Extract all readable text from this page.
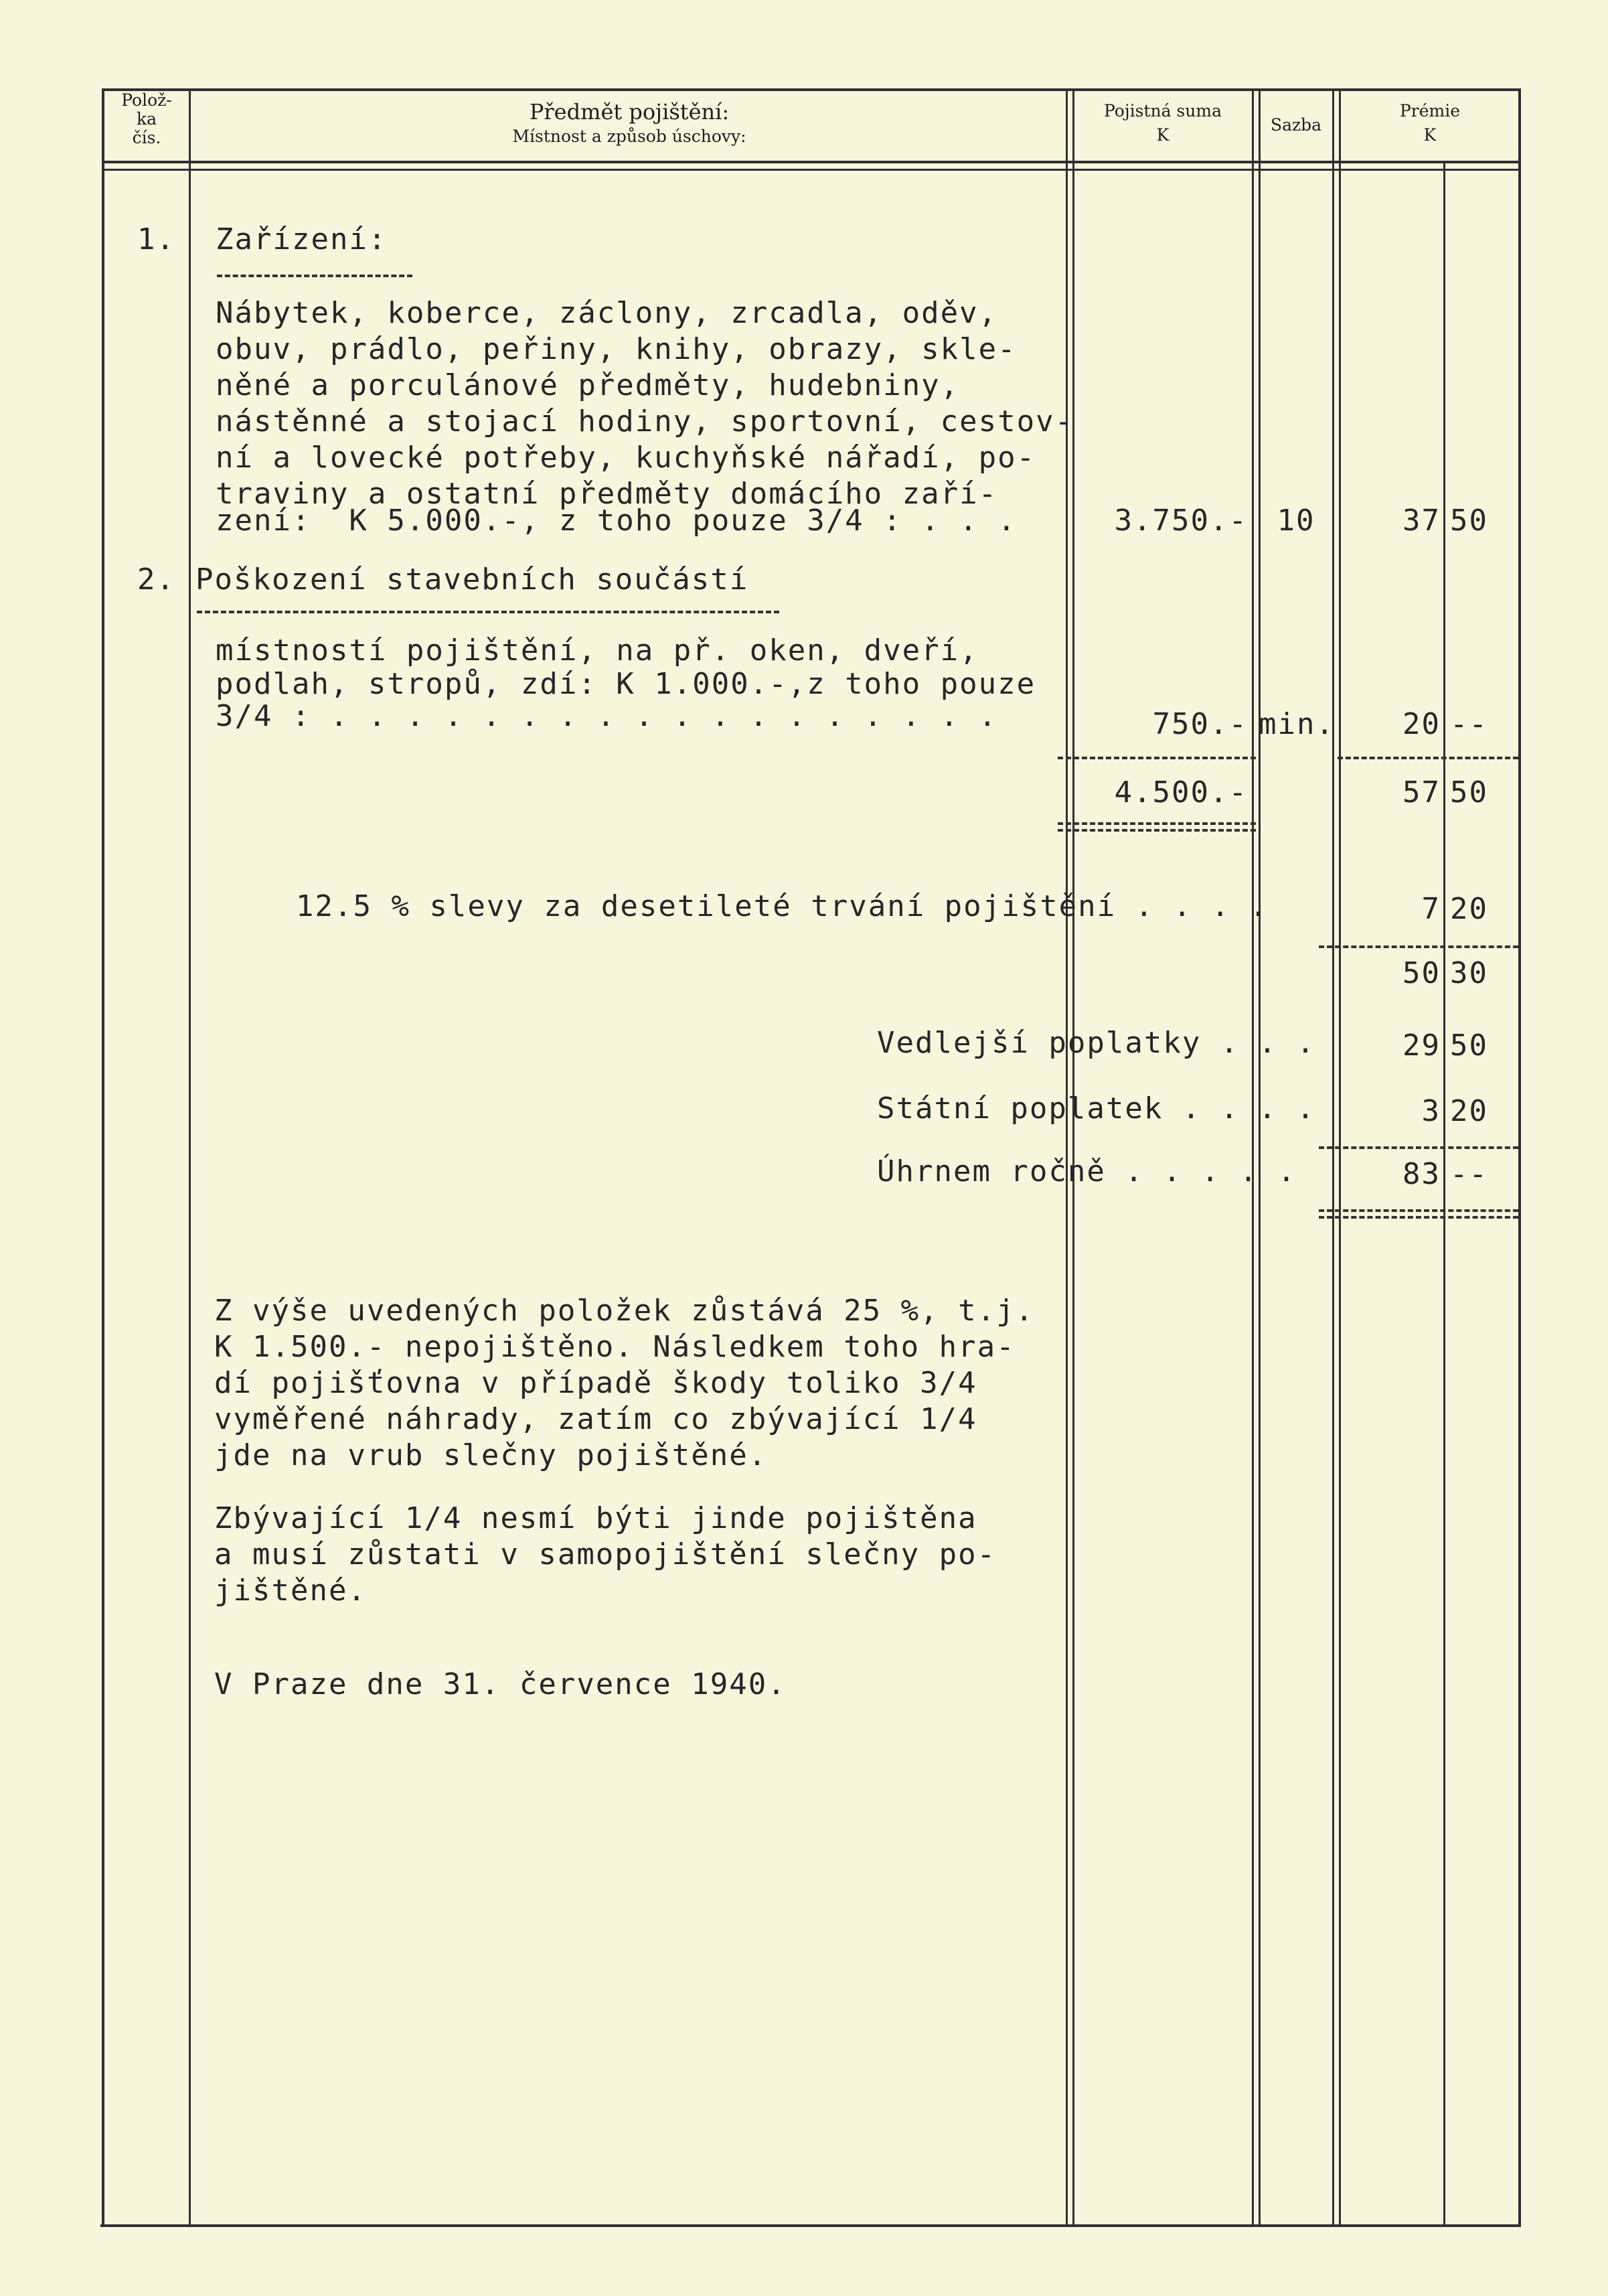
Polož-
ka
čís.
Předmět pojištění:
Místnost a způsob úschovy:
Pojistná suma
K
Sazba
Prémie
K
1. Zařízení:
Nábytek, koberce, záclony, zrcadla, oděv,
obuv, prádlo, peřiny, knihy, obrazy, skle-
něné a porculánové předměty, hudebniny,
nástěnné a stojací hodiny, sportovní, cestov-
ní a lovecké potřeby, kuchyňské nářadí, po-
traviny a ostatní předměty domácího zaří-
zení:  K 5.000.-, z toho pouze 3/4 : . . .	3.750.- 10	37 50
2. Poškození stavebních součástí
místností pojištění, na př. oken, dveří,
podlah, stropů, zdí: K 1.000.-,z toho pouze
3/4 : . . . . . . . . . . . . . . . . . .	750.- min.	20 --
4.500.-	57 50
12.5 % slevy za desetileté trvání pojištění . . . .	7 20
50 30
Vedlejší poplatky . . .	29 50
Státní poplatek . . . .	3 20
Úhrnem ročně . . . . .	83 --
Z výše uvedených položek zůstává 25 %, t.j.
K 1.500.- nepojištěno. Následkem toho hra-
dí pojišťovna v případě škody toliko 3/4
vyměřené náhrady, zatím co zbývající 1/4
jde na vrub slečny pojištěné.
Zbývající 1/4 nesmí býti jinde pojištěna
a musí zůstati v samopojištění slečny po-
jištěné.
V Praze dne 31. července 1940.
